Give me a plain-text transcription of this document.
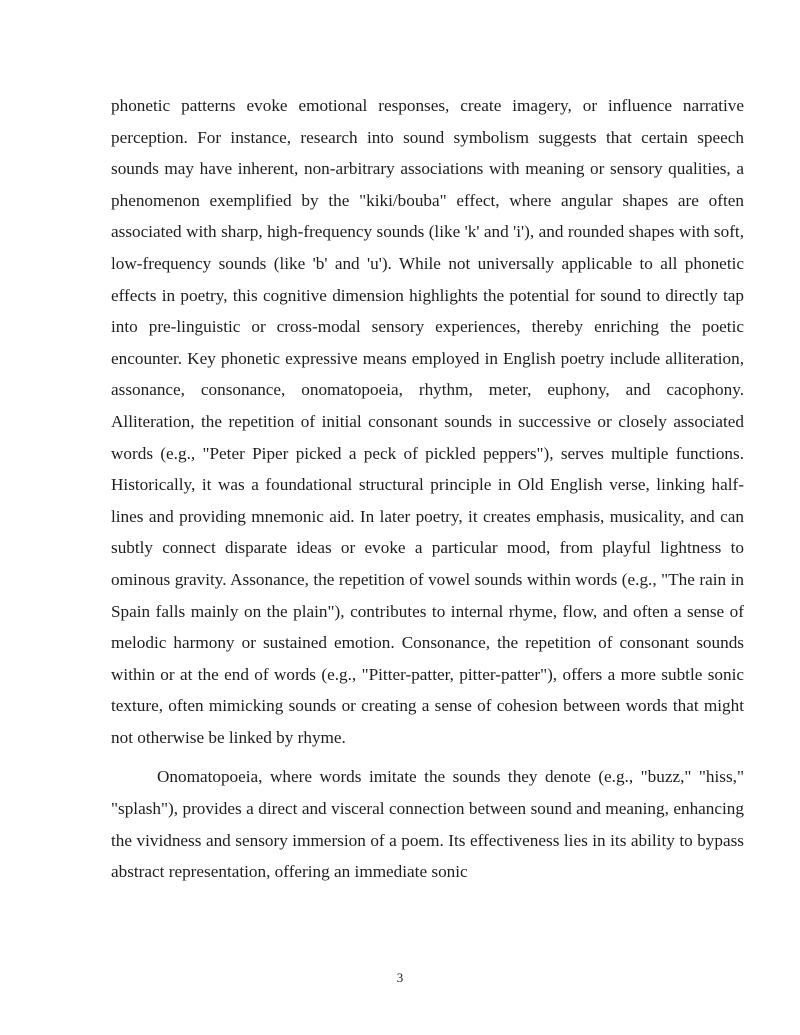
phonetic patterns evoke emotional responses, create imagery, or influence narrative perception. For instance, research into sound symbolism suggests that certain speech sounds may have inherent, non-arbitrary associations with meaning or sensory qualities, a phenomenon exemplified by the "kiki/bouba" effect, where angular shapes are often associated with sharp, high-frequency sounds (like 'k' and 'i'), and rounded shapes with soft, low-frequency sounds (like 'b' and 'u'). While not universally applicable to all phonetic effects in poetry, this cognitive dimension highlights the potential for sound to directly tap into pre-linguistic or cross-modal sensory experiences, thereby enriching the poetic encounter. Key phonetic expressive means employed in English poetry include alliteration, assonance, consonance, onomatopoeia, rhythm, meter, euphony, and cacophony. Alliteration, the repetition of initial consonant sounds in successive or closely associated words (e.g., "Peter Piper picked a peck of pickled peppers"), serves multiple functions. Historically, it was a foundational structural principle in Old English verse, linking half-lines and providing mnemonic aid. In later poetry, it creates emphasis, musicality, and can subtly connect disparate ideas or evoke a particular mood, from playful lightness to ominous gravity. Assonance, the repetition of vowel sounds within words (e.g., "The rain in Spain falls mainly on the plain"), contributes to internal rhyme, flow, and often a sense of melodic harmony or sustained emotion. Consonance, the repetition of consonant sounds within or at the end of words (e.g., "Pitter-patter, pitter-patter"), offers a more subtle sonic texture, often mimicking sounds or creating a sense of cohesion between words that might not otherwise be linked by rhyme.

Onomatopoeia, where words imitate the sounds they denote (e.g., "buzz," "hiss," "splash"), provides a direct and visceral connection between sound and meaning, enhancing the vividness and sensory immersion of a poem. Its effectiveness lies in its ability to bypass abstract representation, offering an immediate sonic

3
